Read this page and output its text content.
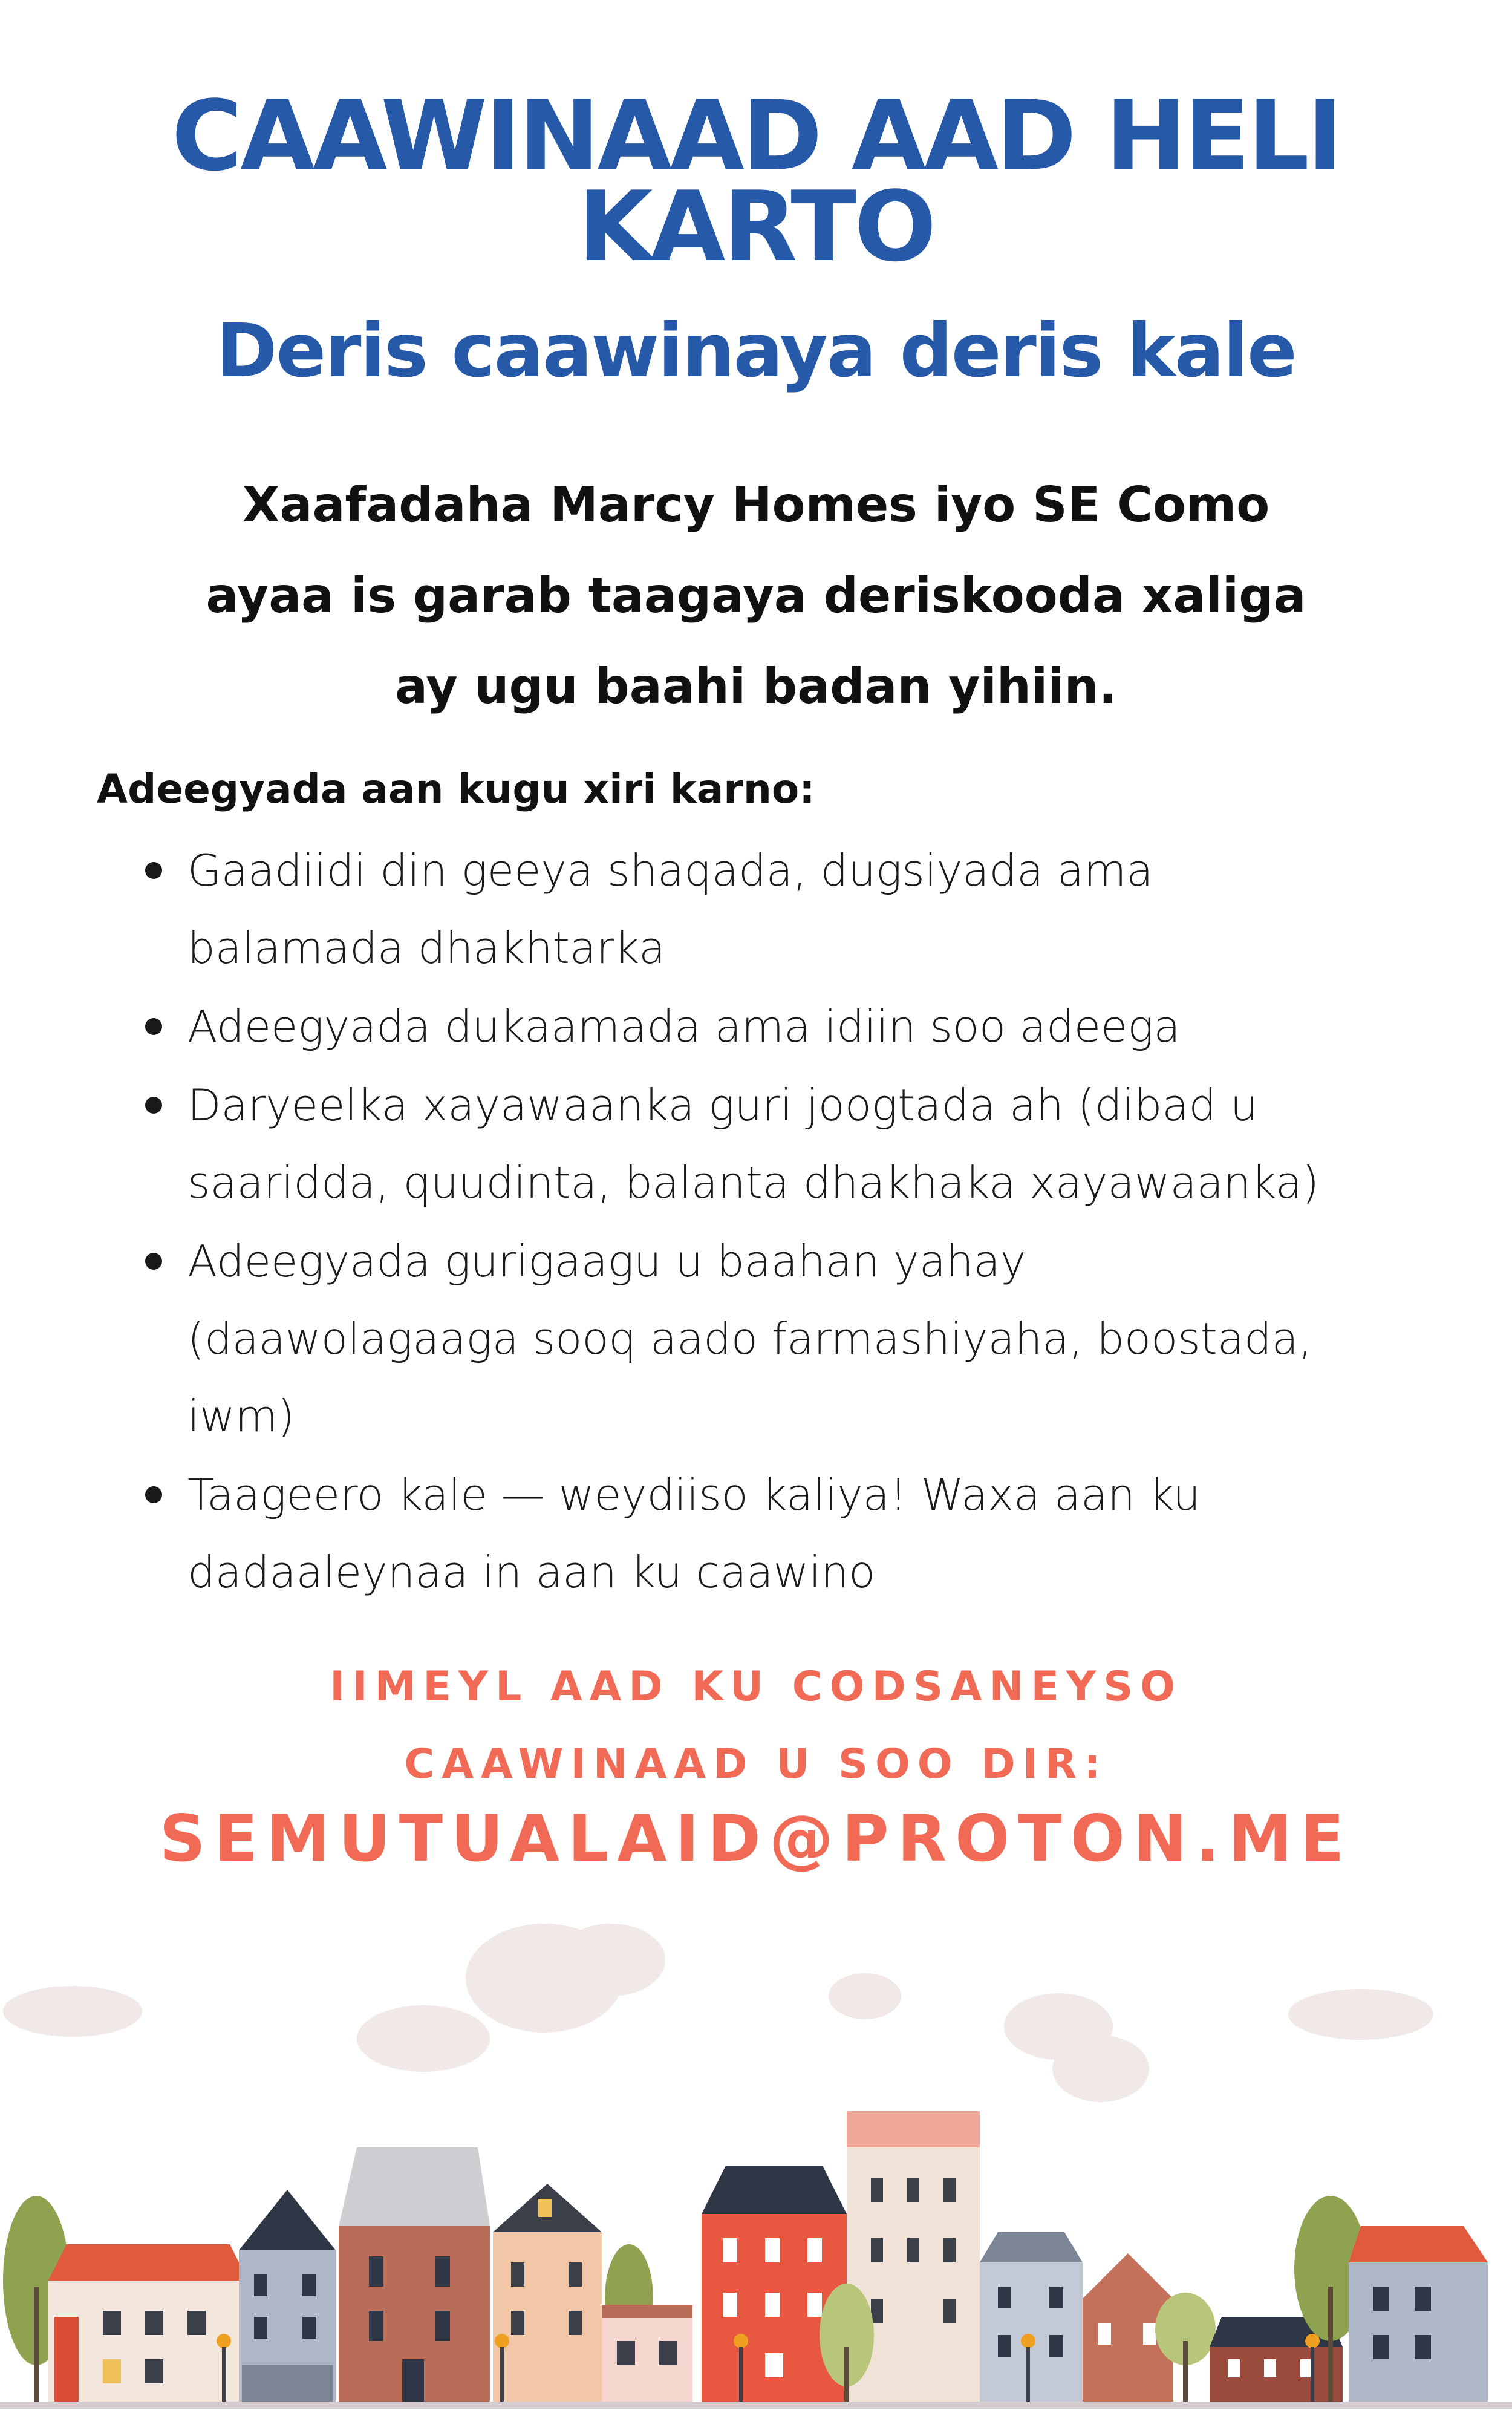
CAAWINAAD AAD HELI
KARTO
Deris caawinaya deris kale
Xaafadaha Marcy Homes iyo SE Como
ayaa is garab taagaya deriskooda xaliga
ay ugu baahi badan yihiin.
Adeegyada aan kugu xiri karno:
Gaadiidi din geeya shaqada, dugsiyada ama
balamada dhakhtarka
Adeegyada dukaamada ama idiin soo adeega
Daryeelka xayawaanka guri joogtada ah (dibad u
saaridda, quudinta, balanta dhakhaka xayawaanka)
Adeegyada gurigaagu u baahan yahay
(daawolagaaga sooq aado farmashiyaha, boostada,
iwm)
Taageero kale — weydiiso kaliya! Waxa aan ku
dadaaleynaa in aan ku caawino
IIMEYL AAD KU CODSANEYSO
CAAWINAAD U SOO DIR:
SEMUTUALAID@PROTON.ME
